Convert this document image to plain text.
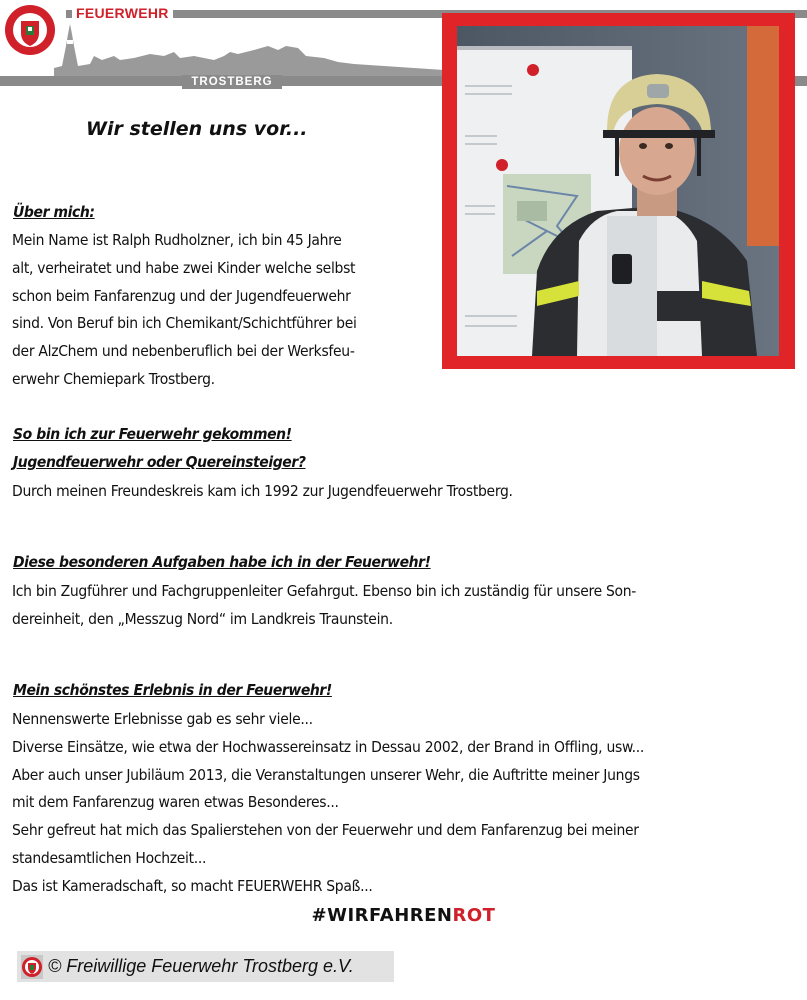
FEUERWEHR
TROSTBERG
Wir stellen uns vor...
Über mich:
Mein Name ist Ralph Rudholzner, ich bin 45 Jahre
alt, verheiratet und habe zwei Kinder welche selbst
schon beim Fanfarenzug und der Jugendfeuerwehr
sind. Von Beruf bin ich Chemikant/Schichtführer bei
der AlzChem und nebenberuflich bei der Werksfeu-
erwehr Chemiepark Trostberg.
So bin ich zur Feuerwehr gekommen!
Jugendfeuerwehr oder Quereinsteiger?
Durch meinen Freundeskreis kam ich 1992 zur Jugendfeuerwehr Trostberg.
Diese besonderen Aufgaben habe ich in der Feuerwehr!
Ich bin Zugführer und Fachgruppenleiter Gefahrgut. Ebenso bin ich zuständig für unsere Son-
dereinheit, den „Messzug Nord“ im Landkreis Traunstein.
Mein schönstes Erlebnis in der Feuerwehr!
Nennenswerte Erlebnisse gab es sehr viele...
Diverse Einsätze, wie etwa der Hochwassereinsatz in Dessau 2002, der Brand in Offling, usw...
Aber auch unser Jubiläum 2013, die Veranstaltungen unserer Wehr, die Auftritte meiner Jungs
mit dem Fanfarenzug waren etwas Besonderes...
Sehr gefreut hat mich das Spalierstehen von der Feuerwehr und dem Fanfarenzug bei meiner
standesamtlichen Hochzeit...
Das ist Kameradschaft, so macht FEUERWEHR Spaß...
#WIRFAHRENROT
© Freiwillige Feuerwehr Trostberg e.V.
